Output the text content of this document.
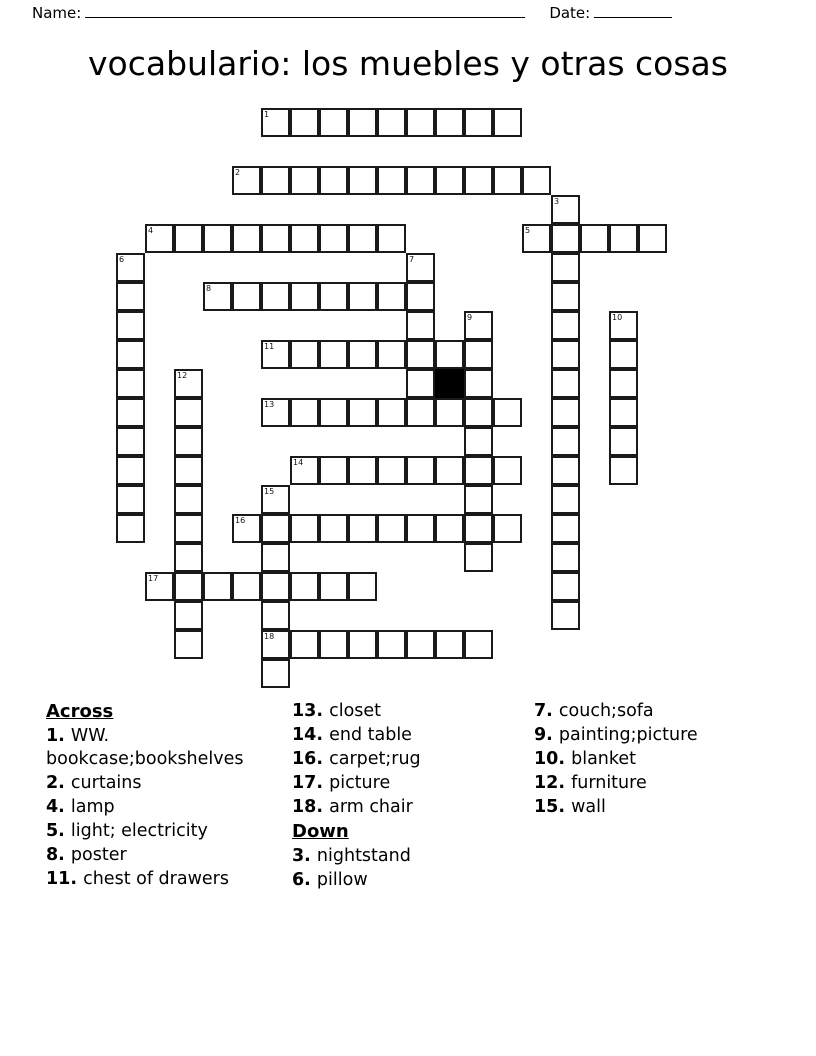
Name:	Date:
vocabulario: los muebles y otras cosas
1
2
3
4	5
6	7
8
9	10
11
12
13
14
15
16
17
18
Across
1. WW. bookcase;bookshelves
2. curtains
4. lamp
5. light; electricity
8. poster
11. chest of drawers
13. closet
14. end table
16. carpet;rug
17. picture
18. arm chair
Down
3. nightstand
6. pillow
7. couch;sofa
9. painting;picture
10. blanket
12. furniture
15. wall
